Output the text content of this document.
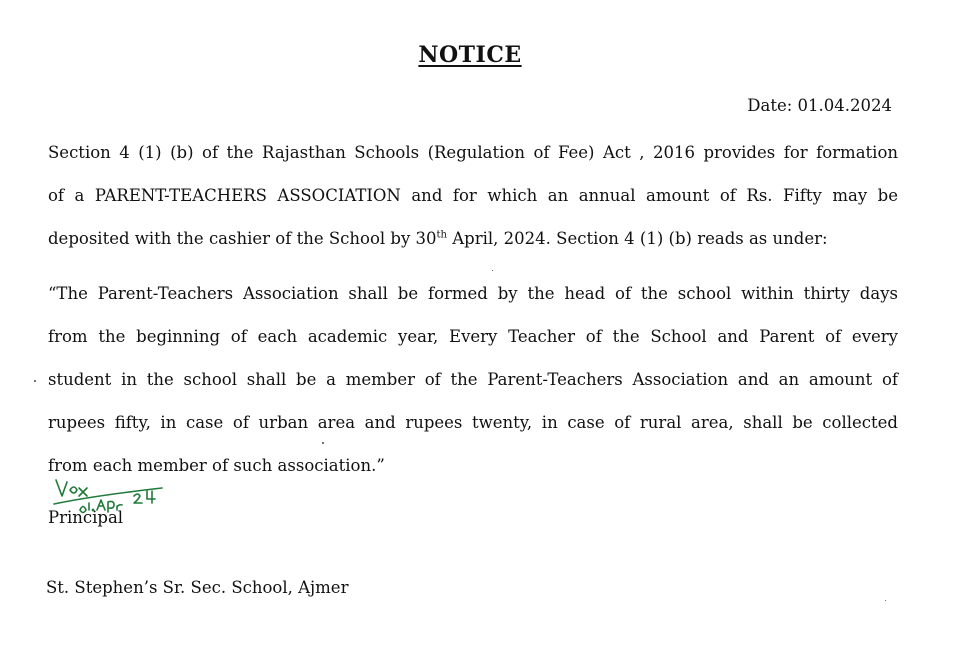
NOTICE
Date: 01.04.2024
Section 4 (1) (b) of the Rajasthan Schools (Regulation of Fee) Act , 2016 provides for formation
of a PARENT-TEACHERS ASSOCIATION and for which an annual amount of Rs. Fifty may be
deposited with the cashier of the School by 30th April, 2024. Section 4 (1) (b) reads as under:
“The Parent-Teachers Association shall be formed by the head of the school within thirty days
from the beginning of each academic year, Every Teacher of the School and Parent of every
student in the school shall be a member of the Parent-Teachers Association and an amount of
rupees fifty, in case of urban area and rupees twenty, in case of rural area, shall be collected
from each member of such association.”
Principal
St. Stephen’s Sr. Sec. School, Ajmer
